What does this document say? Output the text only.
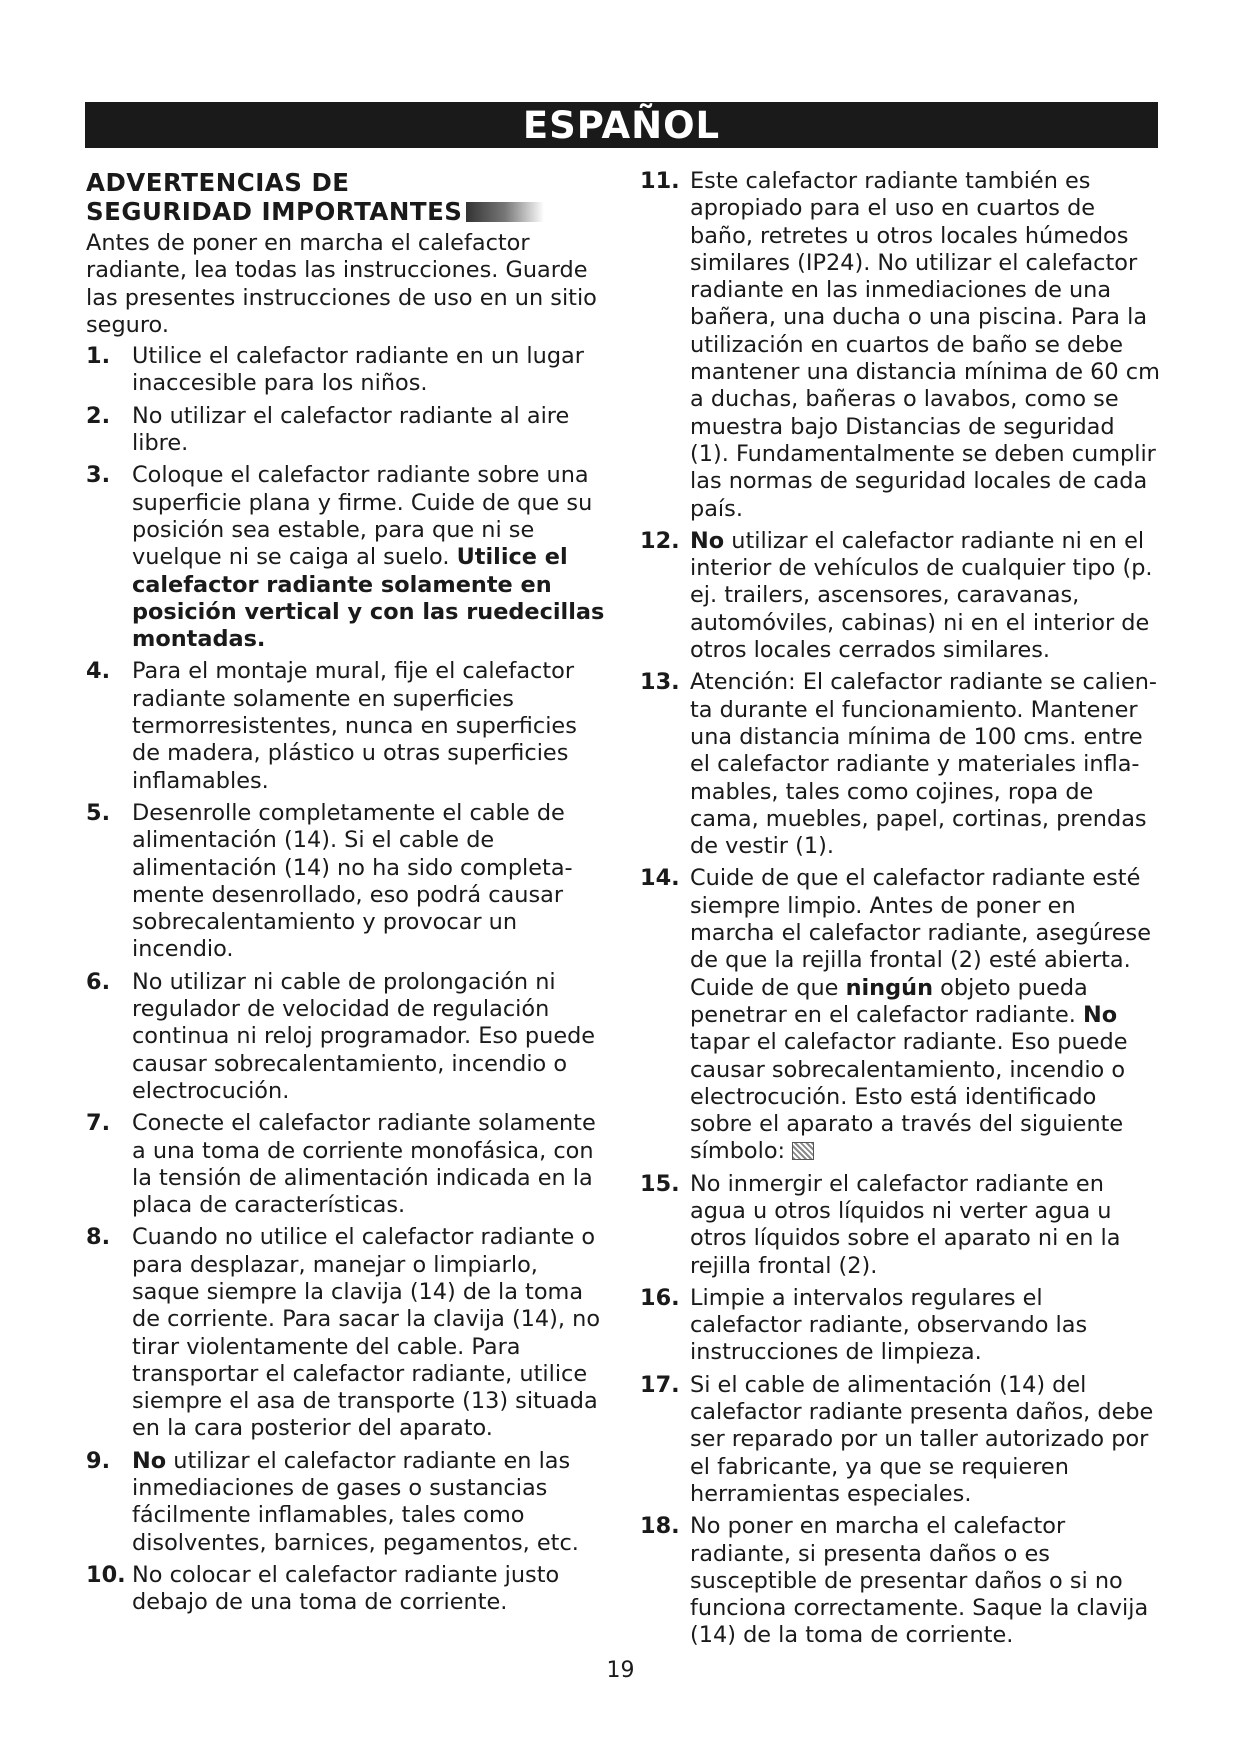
ESPAÑOL
ADVERTENCIAS DE
SEGURIDAD IMPORTANTES
Antes de poner en marcha el calefactor radiante, lea todas las instrucciones. Guarde las presentes instrucciones de uso en un sitio seguro.
1. Utilice el calefactor radiante en un lugar inaccesible para los niños.
2. No utilizar el calefactor radiante al aire libre.
3. Coloque el calefactor radiante sobre una superficie plana y firme. Cuide de que su posición sea estable, para que ni se vuelque ni se caiga al suelo. Utilice el calefactor radiante solamente en posición vertical y con las ruedecillas montadas.
4. Para el montaje mural, fije el calefactor radiante solamente en superficies termorresistentes, nunca en superficies de madera, plástico u otras superficies inflamables.
5. Desenrolle completamente el cable de alimentación (14). Si el cable de alimentación (14) no ha sido completa-mente desenrollado, eso podrá causar sobrecalentamiento y provocar un incendio.
6. No utilizar ni cable de prolongación ni regulador de velocidad de regulación continua ni reloj programador. Eso puede causar sobrecalentamiento, incendio o electrocución.
7. Conecte el calefactor radiante solamente a una toma de corriente monofásica, con la tensión de alimentación indicada en la placa de características.
8. Cuando no utilice el calefactor radiante o para desplazar, manejar o limpiarlo, saque siempre la clavija (14) de la toma de corriente. Para sacar la clavija (14), no tirar violentamente del cable. Para transportar el calefactor radiante, utilice siempre el asa de transporte (13) situada en la cara posterior del aparato.
9. No utilizar el calefactor radiante en las inmediaciones de gases o sustancias fácilmente inflamables, tales como disolventes, barnices, pegamentos, etc.
10. No colocar el calefactor radiante justo debajo de una toma de corriente.
11. Este calefactor radiante también es apropiado para el uso en cuartos de baño, retretes u otros locales húmedos similares (IP24). No utilizar el calefactor radiante en las inmediaciones de una bañera, una ducha o una piscina. Para la utilización en cuartos de baño se debe mantener una distancia mínima de 60 cm a duchas, bañeras o lavabos, como se muestra bajo Distancias de seguridad (1). Fundamentalmente se deben cumplir las normas de seguridad locales de cada país.
12. No utilizar el calefactor radiante ni en el interior de vehículos de cualquier tipo (p. ej. trailers, ascensores, caravanas, automóviles, cabinas) ni en el interior de otros locales cerrados similares.
13. Atención: El calefactor radiante se calien-ta durante el funcionamiento. Mantener una distancia mínima de 100 cms. entre el calefactor radiante y materiales infla-mables, tales como cojines, ropa de cama, muebles, papel, cortinas, prendas de vestir (1).
14. Cuide de que el calefactor radiante esté siempre limpio. Antes de poner en marcha el calefactor radiante, asegúrese de que la rejilla frontal (2) esté abierta. Cuide de que ningún objeto pueda penetrar en el calefactor radiante. No tapar el calefactor radiante. Eso puede causar sobrecalentamiento, incendio o electrocución. Esto está identificado sobre el aparato a través del siguiente símbolo:
15. No inmergir el calefactor radiante en agua u otros líquidos ni verter agua u otros líquidos sobre el aparato ni en la rejilla frontal (2).
16. Limpie a intervalos regulares el calefactor radiante, observando las instrucciones de limpieza.
17. Si el cable de alimentación (14) del calefactor radiante presenta daños, debe ser reparado por un taller autorizado por el fabricante, ya que se requieren herramientas especiales.
18. No poner en marcha el calefactor radiante, si presenta daños o es susceptible de presentar daños o si no funciona correctamente. Saque la clavija (14) de la toma de corriente.
19
